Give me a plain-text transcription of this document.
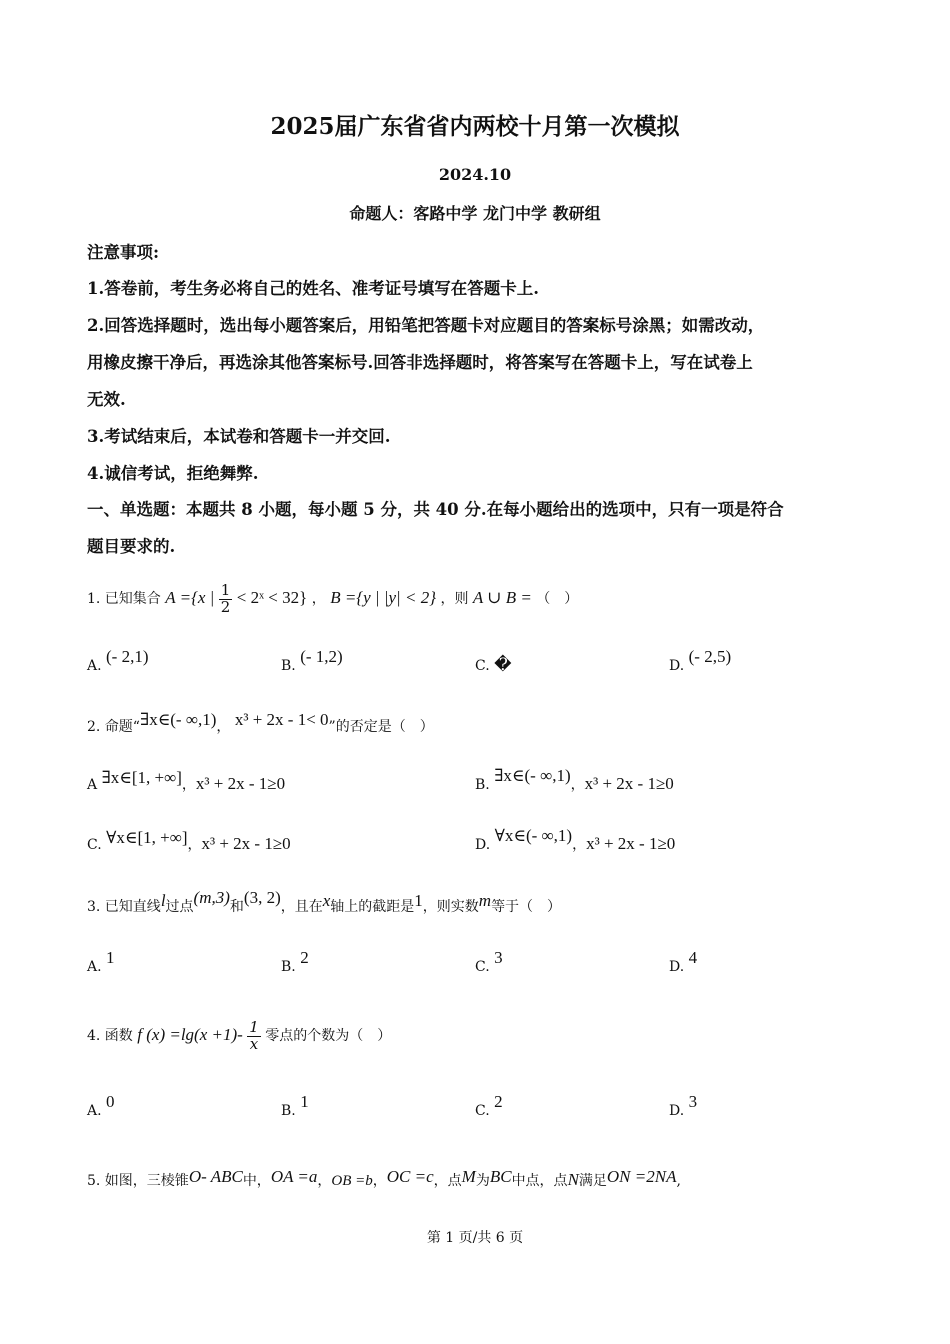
2025届广东省省内两校十月第一次模拟
2024.10
命题人：客路中学 龙门中学 教研组
注意事项:
1.答卷前，考生务必将自己的姓名、准考证号填写在答题卡上.
2.回答选择题时，选出每小题答案后，用铅笔把答题卡对应题目的答案标号涂黑；如需改动，
用橡皮擦干净后，再选涂其他答案标号.回答非选择题时，将答案写在答题卡上，写在试卷上
无效.
3.考试结束后，本试卷和答题卡一并交回.
4.诚信考试，拒绝舞弊.
一、单选题：本题共 8 小题，每小题 5 分，共 40 分.在每小题给出的选项中，只有一项是符合
题目要求的.
1. 已知集合 A ={x | $\frac{1}{2}$ < 2ˣ < 32} ， B ={y | |y| < 2} ，则 A ∪ B = （　）
A. (- 2,1)	B. (- 1,2)	C. �	D. (- 2,5)
2. 命题“∃x∈(- ∞,1)， x³ + 2x - 1< 0”的否定是（　）
A ∃x∈[1, +∞]，x³ + 2x - 1≥0	B. ∃x∈(- ∞,1)，x³ + 2x - 1≥0
C. ∀x∈[1, +∞]，x³ + 2x - 1≥0	D. ∀x∈(- ∞,1)，x³ + 2x - 1≥0
3. 已知直线l过点(m,3)和(3, 2)，且在x轴上的截距是1，则实数m等于（　）
A. 1	B. 2	C. 3	D. 4
4. 函数 f $(x) =\lg(x +1)- \frac{1}{x}$ 零点的个数为（　）
A. 0	B. 1	C. 2	D. 3
5. 如图，三棱锥O- ABC中，OA =a，OB =b，OC =c，点M为BC中点，点N满足ON =2NA,
第 1 页/共 6 页
